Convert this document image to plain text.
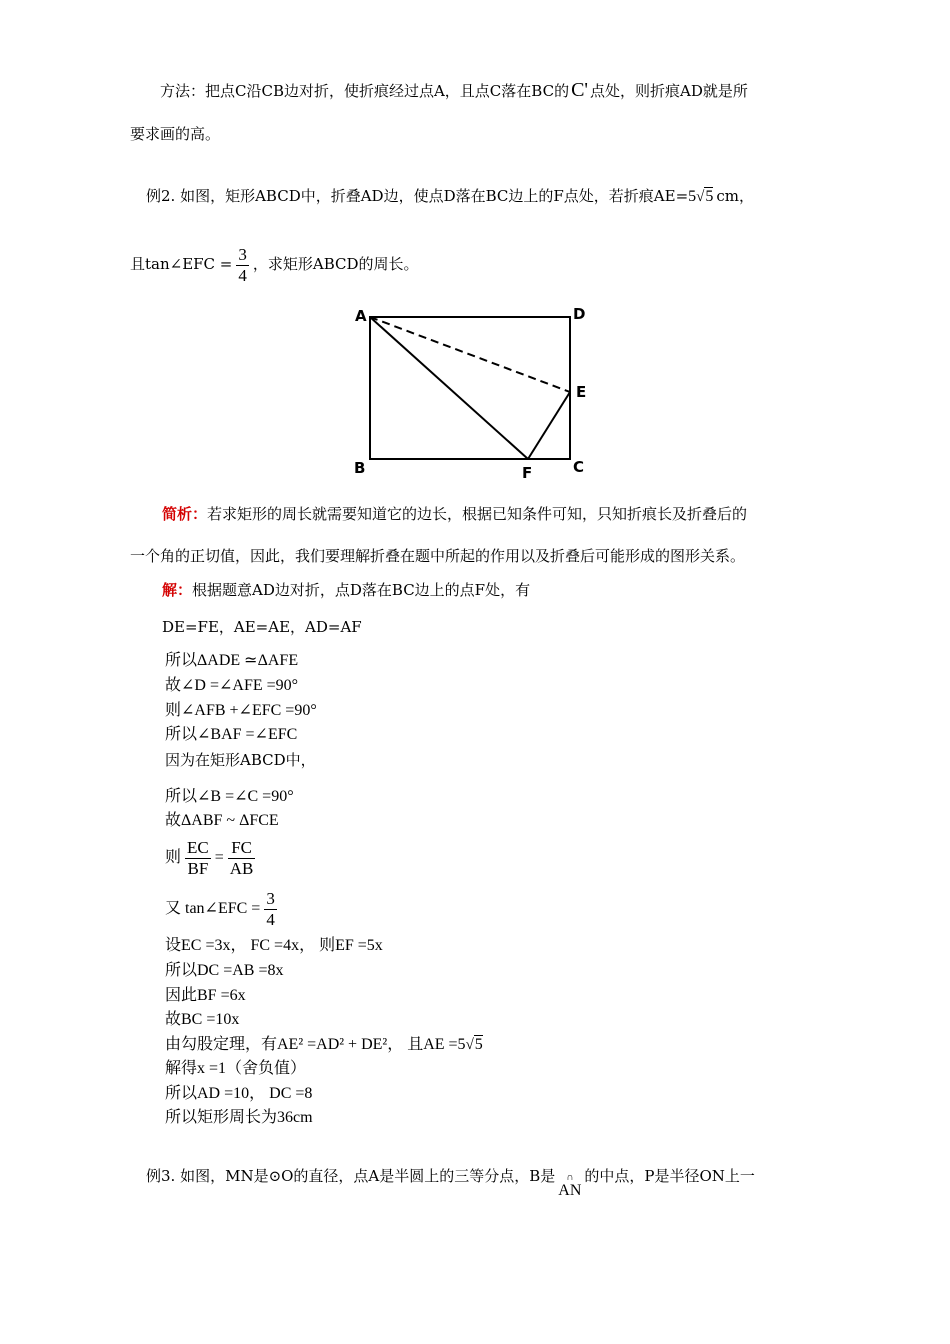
方法：把点C沿CB边对折，使折痕经过点A，且点C落在BC的 C' 点处，则折痕AD就是所
要求画的高。
例2. 如图，矩形ABCD中，折叠AD边，使点D落在BC边上的F点处，若折痕AE=5√5 cm，
且tan∠EFC = $\frac{3}{4}$ ，求矩形ABCD的周长。
A	D
E
B	C
F
简析：若求矩形的周长就需要知道它的边长，根据已知条件可知，只知折痕长及折叠后的
一个角的正切值，因此，我们要理解折叠在题中所起的作用以及折叠后可能形成的图形关系。
解：根据题意AD边对折，点D落在BC边上的点F处，有
DE=FE，AE=AE，AD=AF
所以ΔADE ≃ΔAFE
故∠D =∠AFE =90°
则∠AFB +∠EFC =90°
所以∠BAF =∠EFC
因为在矩形ABCD中，
所以∠B =∠C =90°
故ΔABF ~ ΔFCE
则 $\frac{EC}{BF} = \frac{FC}{AB}$
又 tan∠EFC = $\frac{3}{4}$
设EC =3x， FC =4x， 则EF =5x
所以DC =AB =8x
因此BF =6x
故BC =10x
由勾股定理，有AE² =AD² + DE²， 且AE =5√5
解得x =1（舍负值）
所以AD =10， DC =8
所以矩形周长为36cm
例3. 如图，MN是⊙O的直径，点A是半圆上的三等分点，B是 ∩
AN
的中点，P是半径ON上一
